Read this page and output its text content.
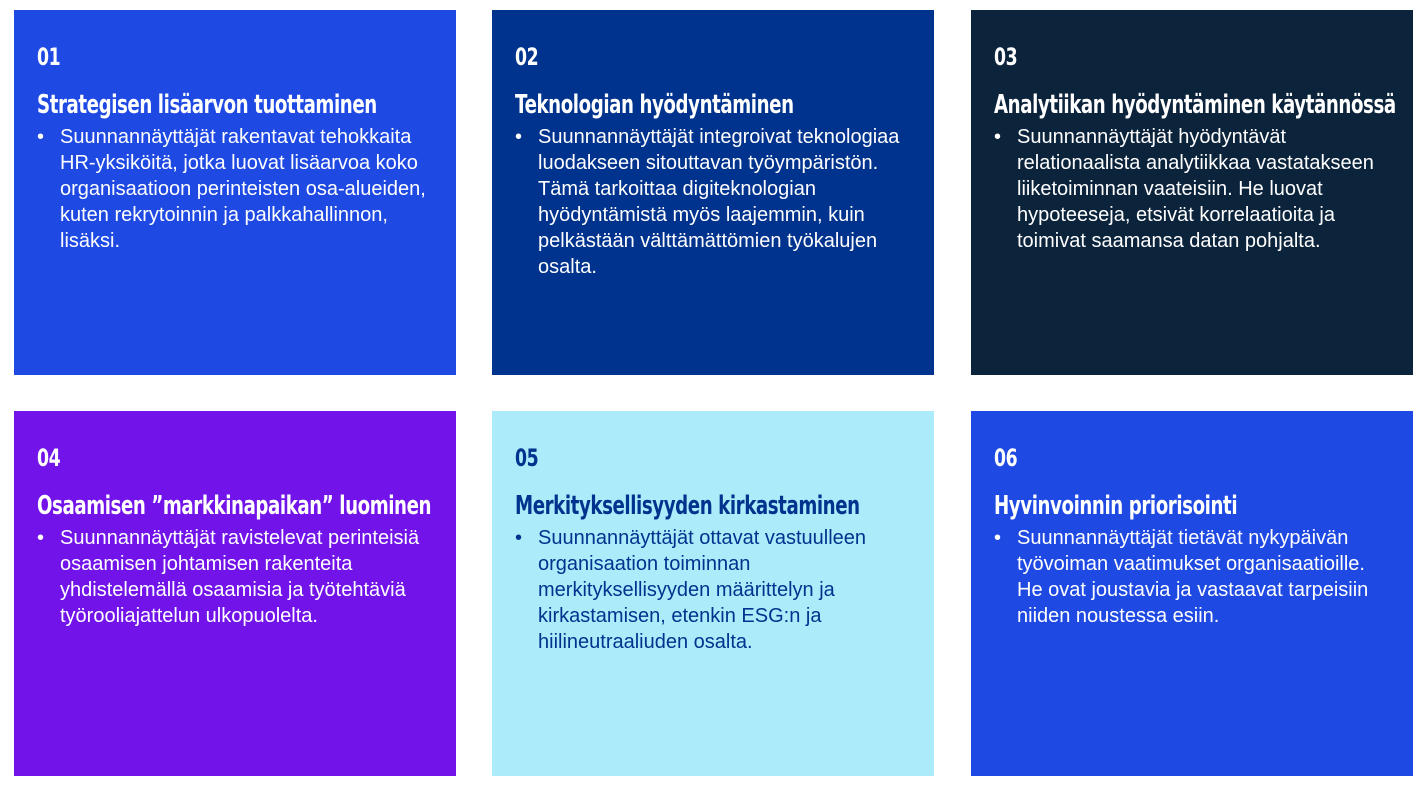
01
Strategisen lisäarvon tuottaminen
• Suunnannäyttäjät rakentavat tehokkaita HR-yksiköitä, jotka luovat lisäarvoa koko organisaatioon perinteisten osa-alueiden, kuten rekrytoinnin ja palkkahallinnon, lisäksi.

02
Teknologian hyödyntäminen
• Suunnannäyttäjät integroivat teknologiaa luodakseen sitouttavan työympäristön. Tämä tarkoittaa digiteknologian hyödyntämistä myös laajemmin, kuin pelkästään välttämättömien työkalujen osalta.

03
Analytiikan hyödyntäminen käytännössä
• Suunnannäyttäjät hyödyntävät relationaalista analytiikkaa vastatakseen liiketoiminnan vaateisiin. He luovat hypoteeseja, etsivät korrelaatioita ja toimivat saamansa datan pohjalta.

04
Osaamisen ”markkinapaikan” luominen
• Suunnannäyttäjät ravistelevat perinteisiä osaamisen johtamisen rakenteita yhdistelemällä osaamisia ja työtehtäviä työrooliajattelun ulkopuolelta.

05
Merkityksellisyyden kirkastaminen
• Suunnannäyttäjät ottavat vastuulleen organisaation toiminnan merkityksellisyyden määrittelyn ja kirkastamisen, etenkin ESG:n ja hiilineutraaliuden osalta.

06
Hyvinvoinnin priorisointi
• Suunnannäyttäjät tietävät nykypäivän työvoiman vaatimukset organisaatioille. He ovat joustavia ja vastaavat tarpeisiin niiden noustessa esiin.
